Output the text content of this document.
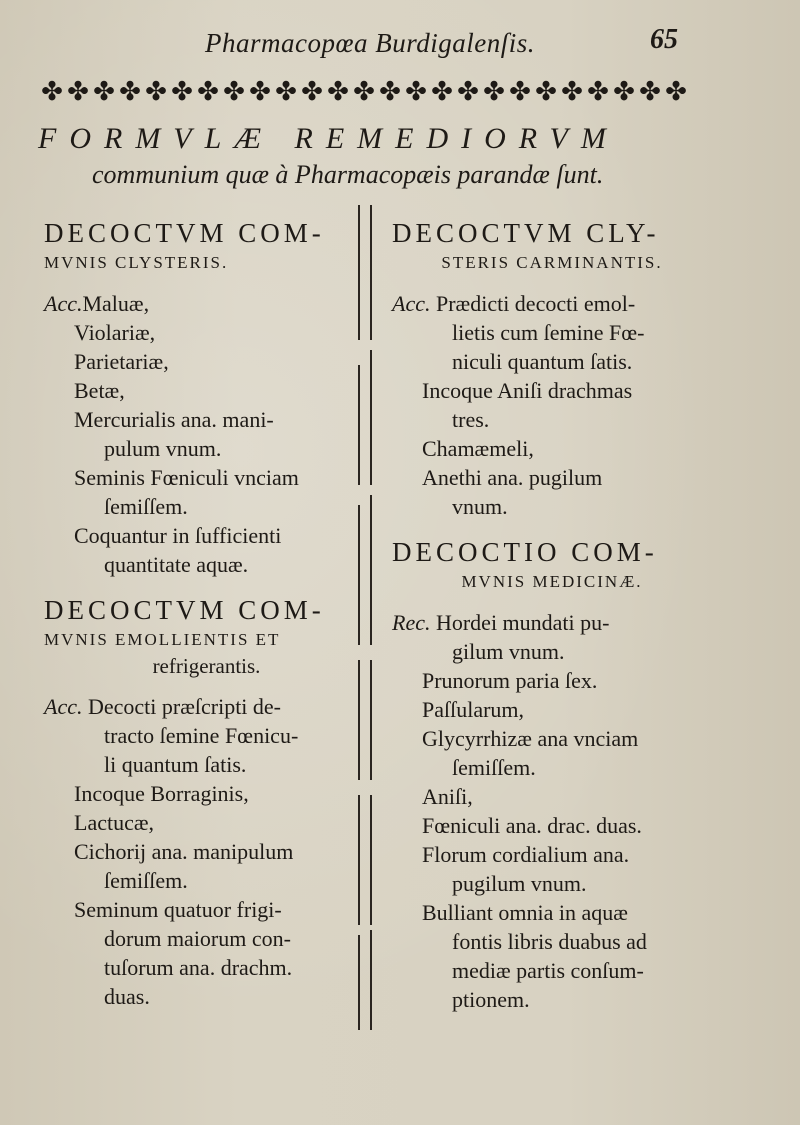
Pharmacopœa Burdigalenſis.	65
✤ ✤ ✤ ✤ ✤ ✤ ✤ ✤ ✤ ✤ ✤ ✤ ✤ ✤ ✤ ✤ ✤ ✤ ✤ ✤ ✤ ✤ ✤ ✤ ✤
FORMVLÆ REMEDIORVM
communium quæ à Pharmacopæis parandæ ſunt.
DECOCTVM COM-
MVNIS CLYSTERIS.
Acc.Maluæ,
Violariæ,
Parietariæ,
Betæ,
Mercurialis ana. mani-
pulum vnum.
Seminis Fœniculi vnciam
ſemiſſem.
Coquantur in ſufficienti
quantitate aquæ.
DECOCTVM COM-
MVNIS EMOLLIENTIS ET
refrigerantis.
Acc. Decocti præſcripti de-
tracto ſemine Fœnicu-
li quantum ſatis.
Incoque Borraginis,
Lactucæ,
Cichorij ana. manipulum
ſemiſſem.
Seminum quatuor frigi-
dorum maiorum con-
tuſorum ana. drachm.
duas.
DECOCTVM CLY-
STERIS CARMINANTIS.
Acc. Prædicti decocti emol-
lietis cum ſemine Fœ-
niculi quantum ſatis.
Incoque Aniſi drachmas
tres.
Chamæmeli,
Anethi ana. pugilum
vnum.
DECOCTIO COM-
MVNIS MEDICINÆ.
Rec. Hordei mundati pu-
gilum vnum.
Prunorum paria ſex.
Paſſularum,
Glycyrrhizæ ana vnciam
ſemiſſem.
Aniſi,
Fœniculi ana. drac. duas.
Florum cordialium ana.
pugilum vnum.
Bulliant omnia in aquæ
fontis libris duabus ad
mediæ partis conſum-
ptionem.
